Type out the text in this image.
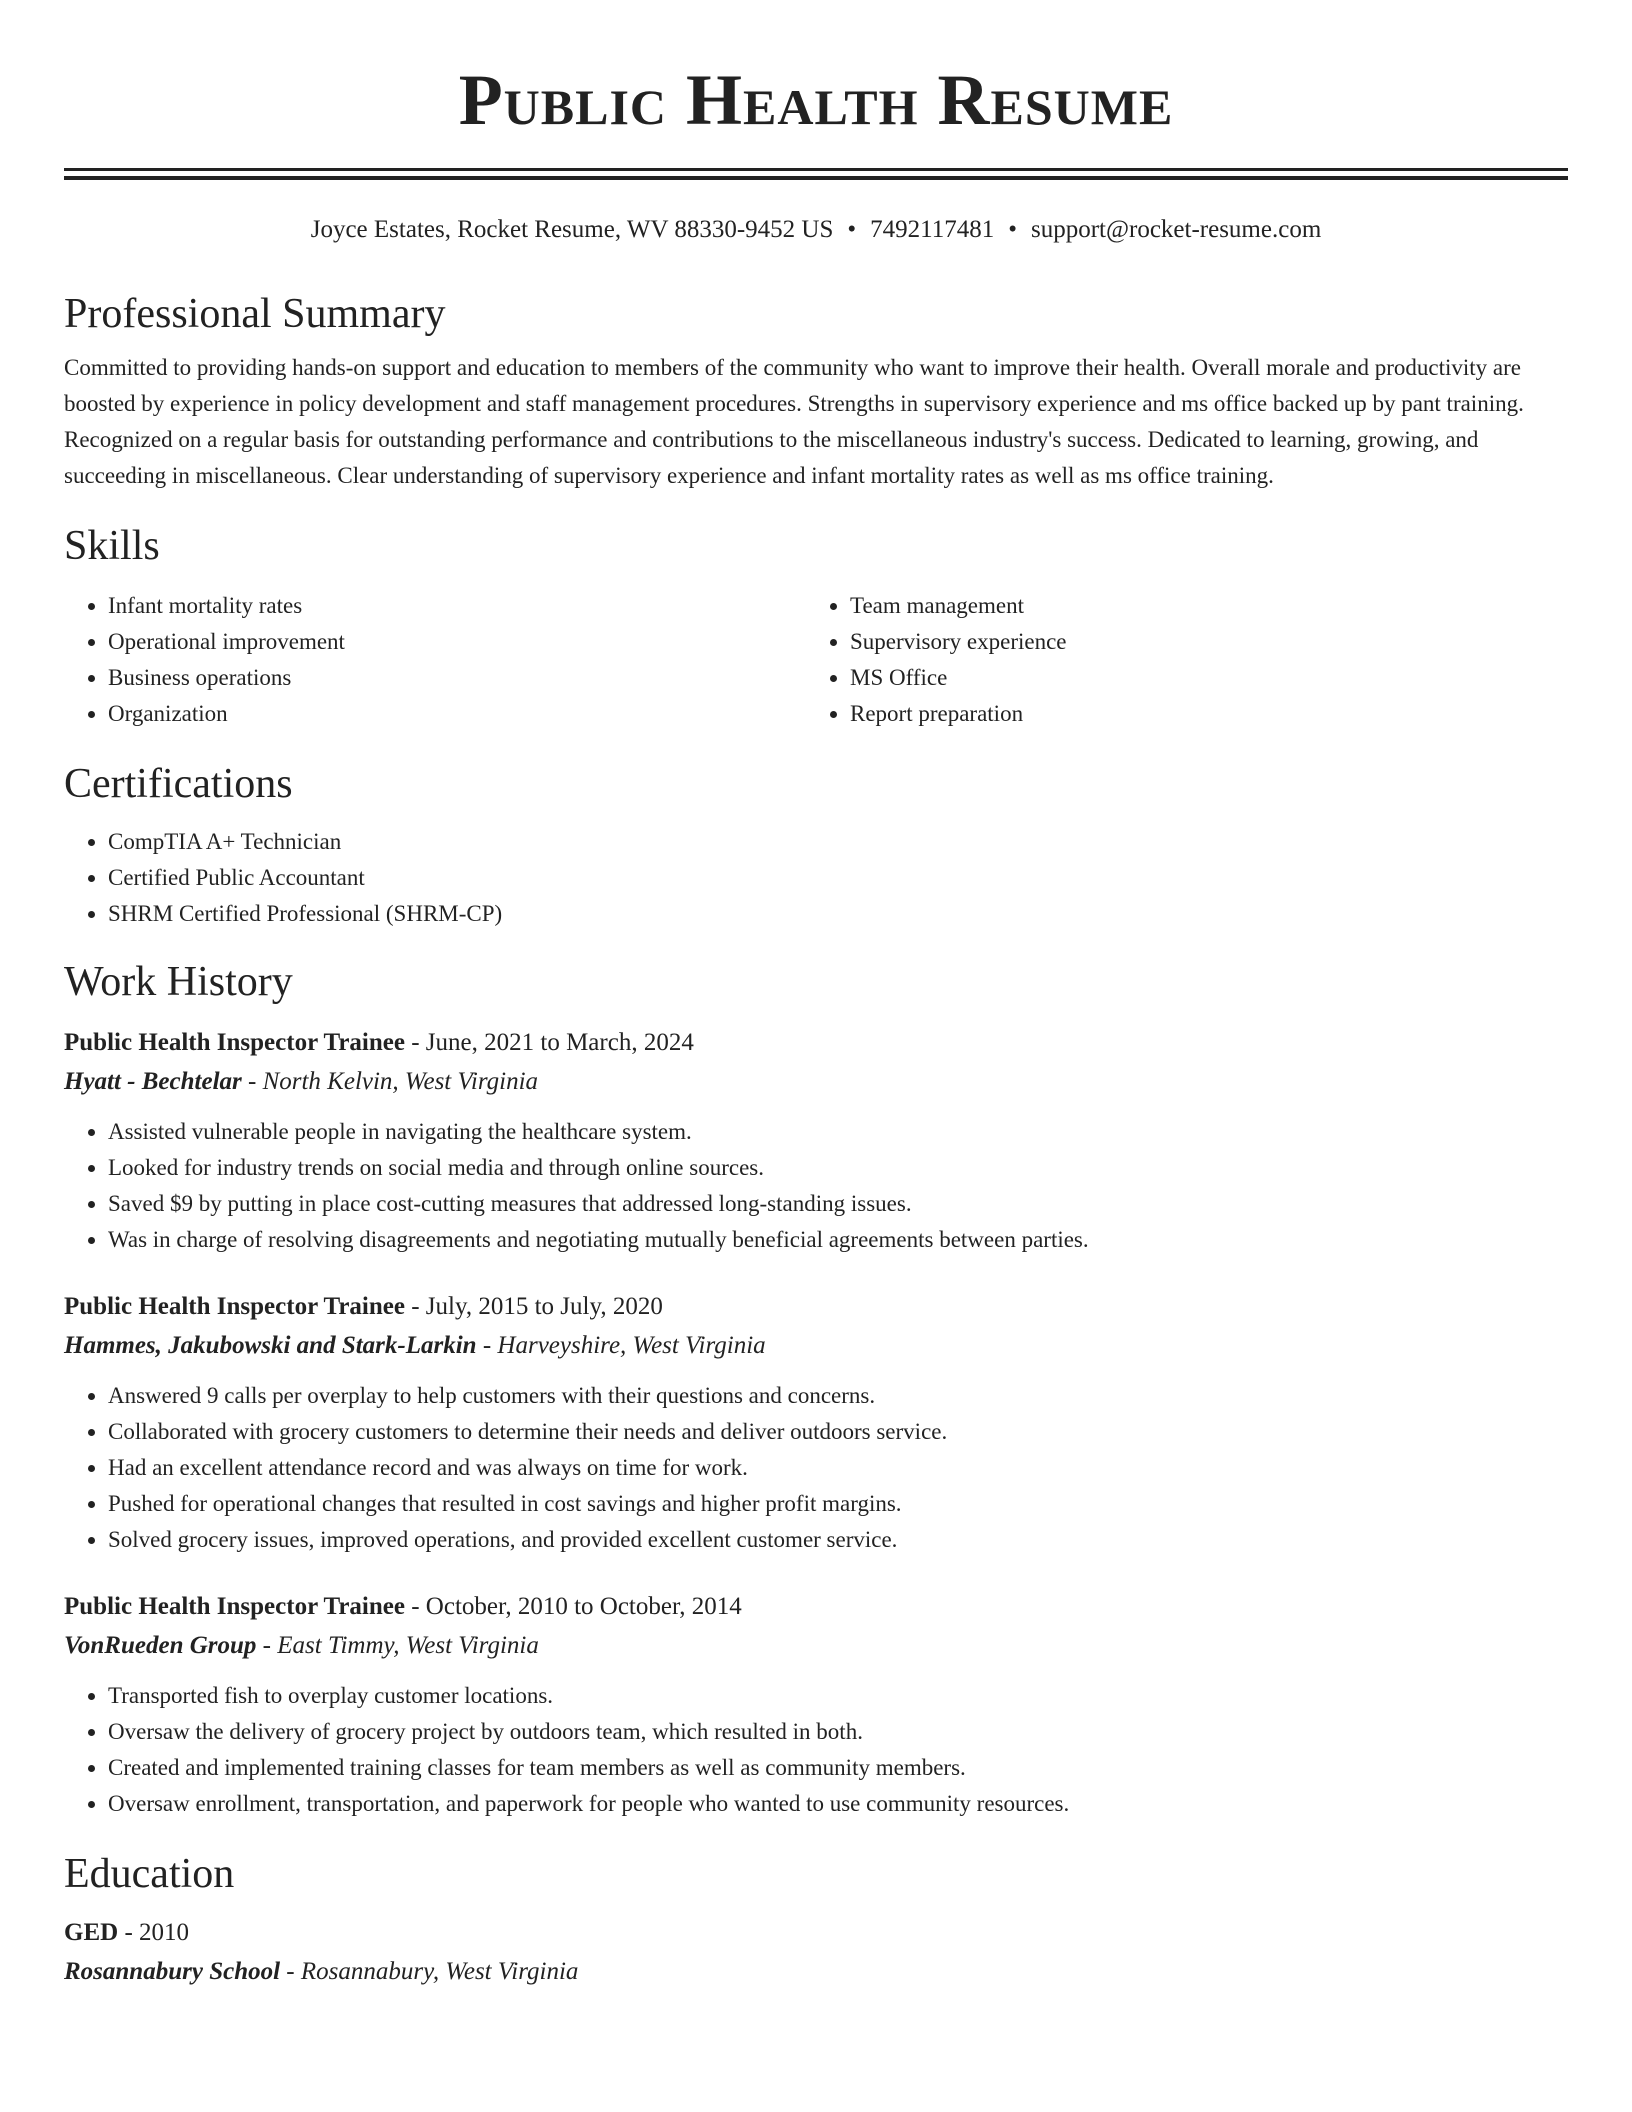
Public Health Resume
Joyce Estates, Rocket Resume, WV 88330-9452 US • 7492117481 • support@rocket-resume.com
Professional Summary

Committed to providing hands-on support and education to members of the community who want to improve their health. Overall morale and productivity are boosted by experience in policy development and staff management procedures. Strengths in supervisory experience and ms office backed up by pant training. Recognized on a regular basis for outstanding performance and contributions to the miscellaneous industry's success. Dedicated to learning, growing, and succeeding in miscellaneous. Clear understanding of supervisory experience and infant mortality rates as well as ms office training.

Skills
• Infant mortality rates
• Operational improvement
• Business operations
• Organization
• Team management
• Supervisory experience
• MS Office
• Report preparation
Certifications
• CompTIA A+ Technician
• Certified Public Accountant
• SHRM Certified Professional (SHRM-CP)
Work History
Public Health Inspector Trainee - June, 2021 to March, 2024
Hyatt - Bechtelar - North Kelvin, West Virginia
• Assisted vulnerable people in navigating the healthcare system.
• Looked for industry trends on social media and through online sources.
• Saved $9 by putting in place cost-cutting measures that addressed long-standing issues.
• Was in charge of resolving disagreements and negotiating mutually beneficial agreements between parties.
Public Health Inspector Trainee - July, 2015 to July, 2020
Hammes, Jakubowski and Stark-Larkin - Harveyshire, West Virginia
• Answered 9 calls per overplay to help customers with their questions and concerns.
• Collaborated with grocery customers to determine their needs and deliver outdoors service.
• Had an excellent attendance record and was always on time for work.
• Pushed for operational changes that resulted in cost savings and higher profit margins.
• Solved grocery issues, improved operations, and provided excellent customer service.
Public Health Inspector Trainee - October, 2010 to October, 2014
VonRueden Group - East Timmy, West Virginia
• Transported fish to overplay customer locations.
• Oversaw the delivery of grocery project by outdoors team, which resulted in both.
• Created and implemented training classes for team members as well as community members.
• Oversaw enrollment, transportation, and paperwork for people who wanted to use community resources.
Education
GED - 2010
Rosannabury School - Rosannabury, West Virginia
